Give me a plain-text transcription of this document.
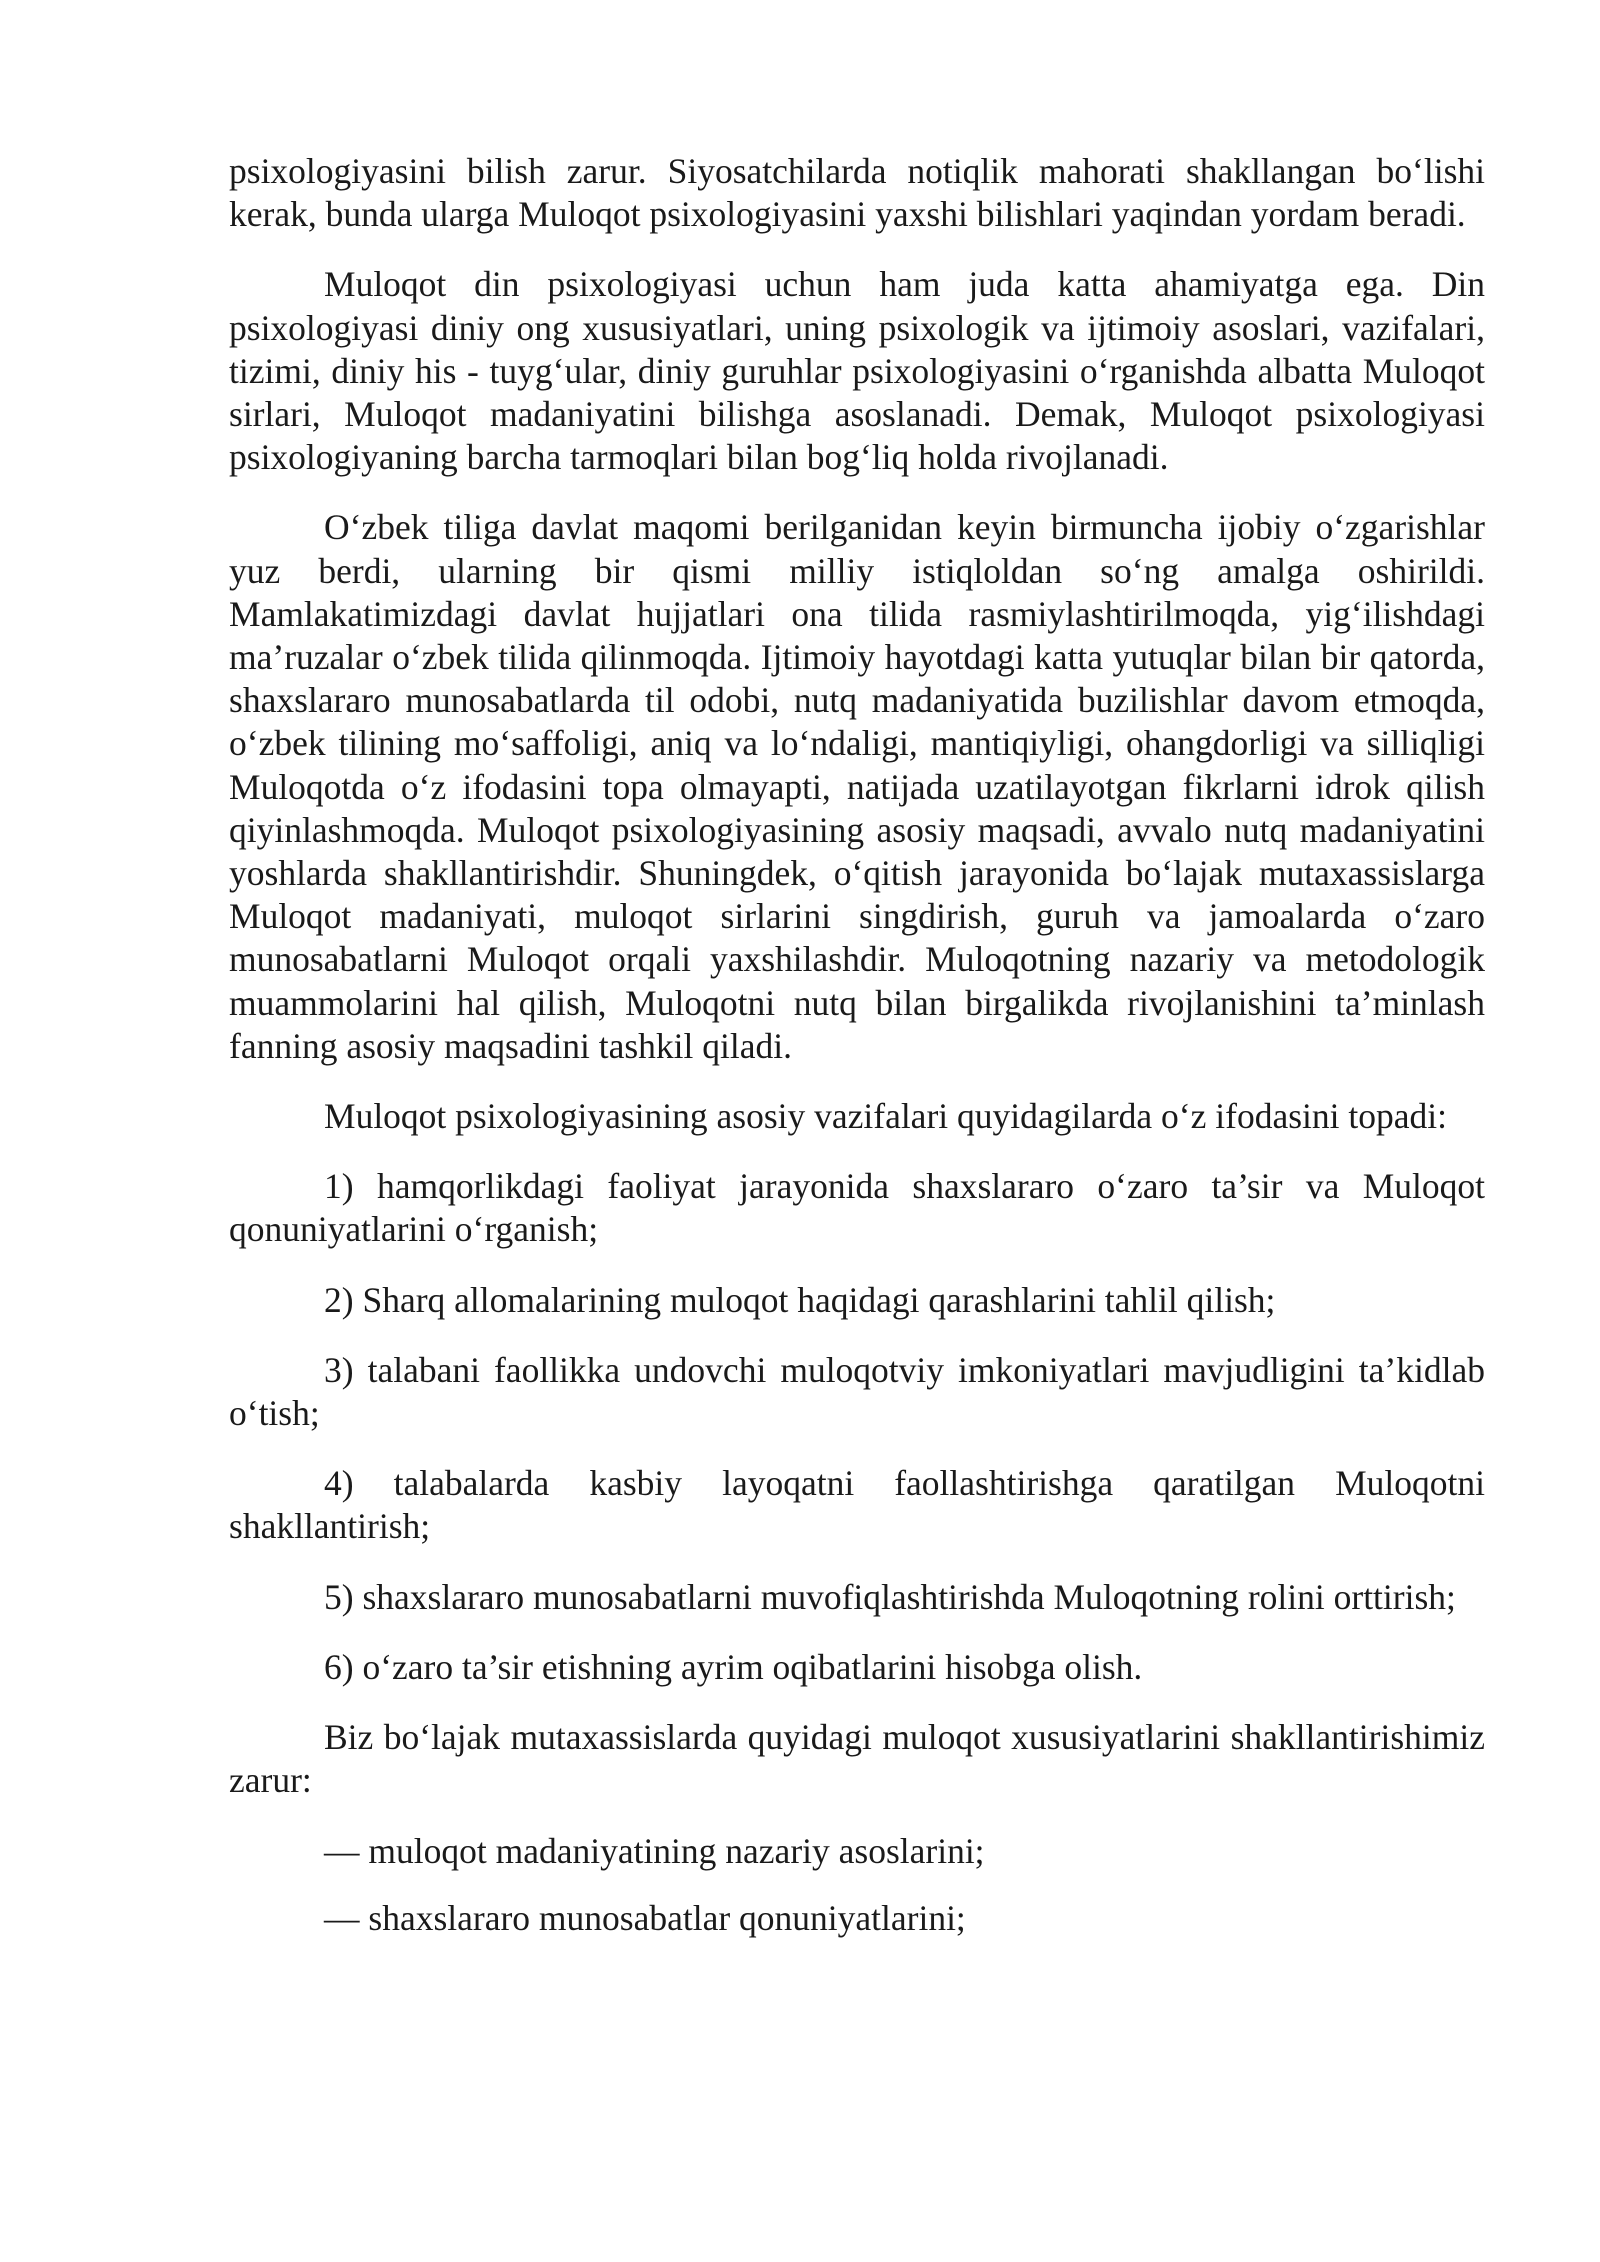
psixologiyasini bilish zarur. Siyosatchilarda notiqlik mahorati shakllangan bo‘lishi kerak, bunda ularga Muloqot psixologiyasini yaxshi bilishlari yaqindan yordam beradi.

Muloqot din psixologiyasi uchun ham juda katta ahamiyatga ega. Din psixologiyasi diniy ong xususiyatlari, uning psixologik va ijtimoiy asoslari, vazifalari, tizimi, diniy his - tuyg‘ular, diniy guruhlar psixologiyasini o‘rganishda albatta Muloqot sirlari, Muloqot madaniyatini bilishga asoslanadi. Demak, Muloqot psixologiyasi psixologiyaning barcha tarmoqlari bilan bog‘liq holda rivojlanadi.

O‘zbek tiliga davlat maqomi berilganidan keyin birmuncha ijobiy o‘zgarishlar yuz berdi, ularning bir qismi milliy istiqloldan so‘ng amalga oshirildi. Mamlakatimizdagi davlat hujjatlari ona tilida rasmiylashtirilmoqda, yig‘ilishdagi ma’ruzalar o‘zbek tilida qilinmoqda. Ijtimoiy hayotdagi katta yutuqlar bilan bir qatorda, shaxslararo munosabatlarda til odobi, nutq madaniyatida buzilishlar davom etmoqda, o‘zbek tilining mo‘saffoligi, aniq va lo‘ndaligi, mantiqiyligi, ohangdorligi va silliqligi Muloqotda o‘z ifodasini topa olmayapti, natijada uzatilayotgan fikrlarni idrok qilish qiyinlashmoqda. Muloqot psixologiyasining asosiy maqsadi, avvalo nutq madaniyatini yoshlarda shakllantirishdir. Shuningdek, o‘qitish jarayonida bo‘lajak mutaxassislarga Muloqot madaniyati, muloqot sirlarini singdirish, guruh va jamoalarda o‘zaro munosabatlarni Muloqot orqali yaxshilashdir. Muloqotning nazariy va metodologik muammolarini hal qilish, Muloqotni nutq bilan birgalikda rivojlanishini ta’minlash fanning asosiy maqsadini tashkil qiladi.

Muloqot psixologiyasining asosiy vazifalari quyidagilarda o‘z ifodasini topadi:

1) hamqorlikdagi faoliyat jarayonida shaxslararo o‘zaro ta’sir va Muloqot qonuniyatlarini o‘rganish;

2) Sharq allomalarining muloqot haqidagi qarashlarini tahlil qilish;

3) talabani faollikka undovchi muloqotviy imkoniyatlari mavjudligini ta’kidlab o‘tish;

4) talabalarda kasbiy layoqatni faollashtirishga qaratilgan Muloqotni shakllantirish;

5) shaxslararo munosabatlarni muvofiqlashtirishda Muloqotning rolini orttirish;

6) o‘zaro ta’sir etishning ayrim oqibatlarini hisobga olish.

Biz bo‘lajak mutaxassislarda quyidagi muloqot xususiyatlarini shakllantirishimiz zarur:

— muloqot madaniyatining nazariy asoslarini;

— shaxslararo munosabatlar qonuniyatlarini;
